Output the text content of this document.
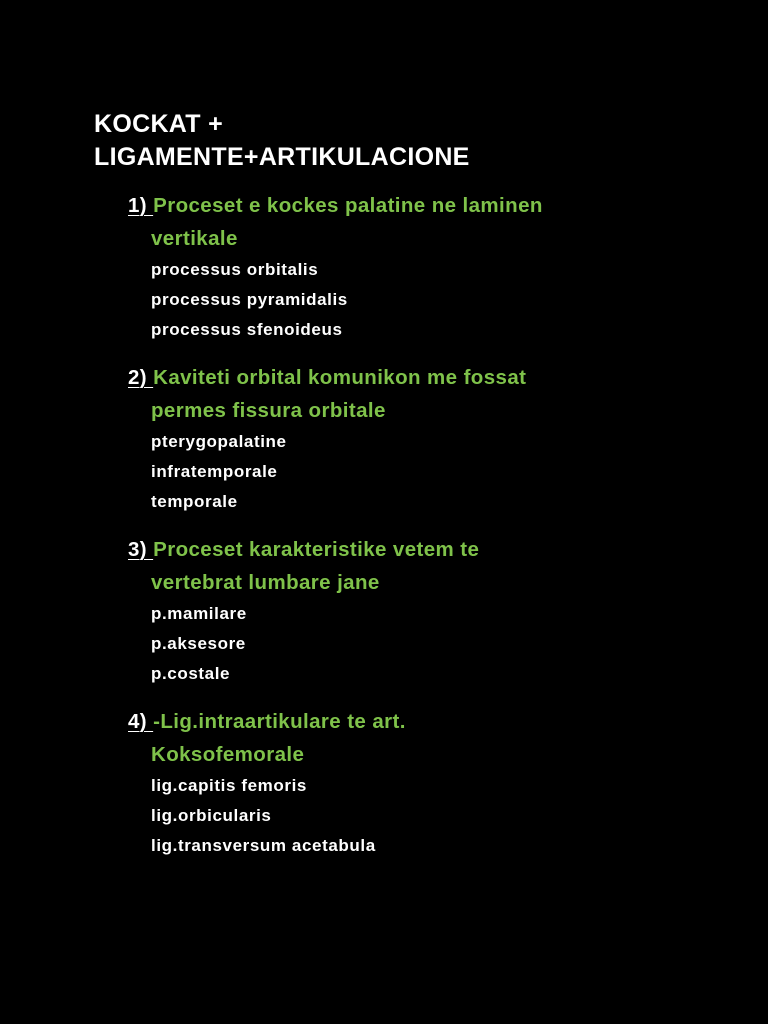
KOCKAT +
LIGAMENTE+ARTIKULACIONE
1) Proceset e kockes palatine ne laminen
vertikale
processus orbitalis
processus pyramidalis
processus sfenoideus
2) Kaviteti orbital komunikon me fossat
permes fissura orbitale
pterygopalatine
infratemporale
temporale
3) Proceset karakteristike vetem te
vertebrat lumbare jane
p.mamilare
p.aksesore
p.costale
4) -Lig.intraartikulare te art.
Koksofemorale
lig.capitis femoris
lig.orbicularis
lig.transversum acetabula
